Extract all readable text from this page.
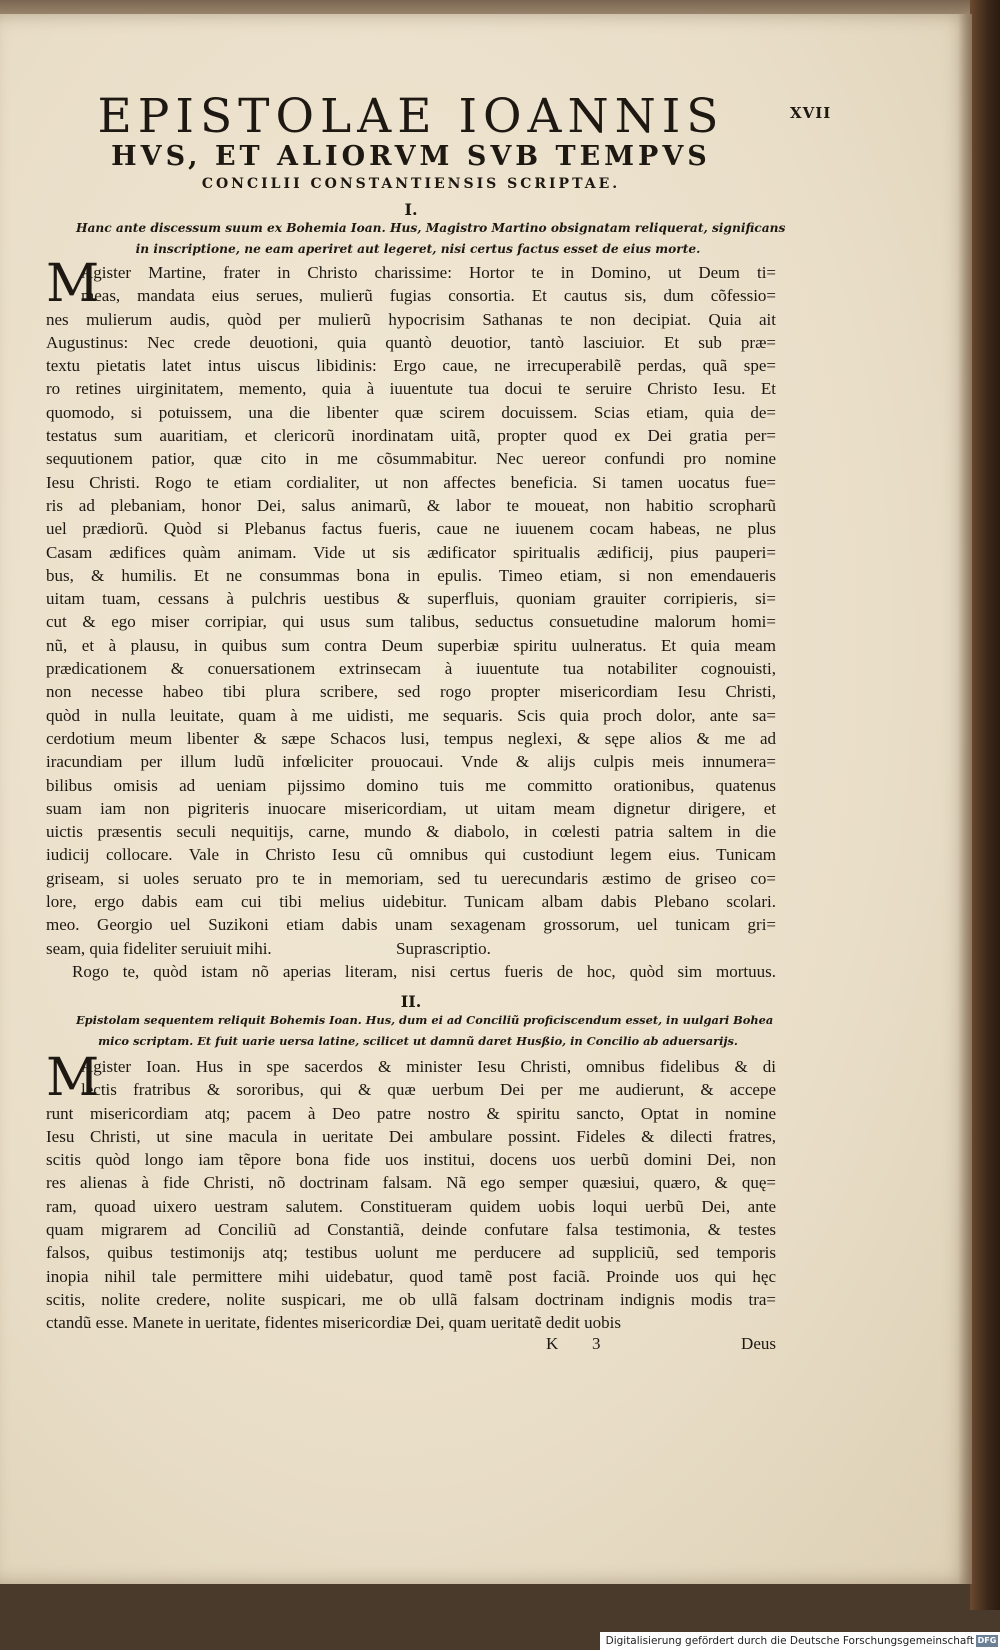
XVII
EPISTOLAE IOANNIS
HVS, ET ALIORVM SVB TEMPVS
CONCILII CONSTANTIENSIS SCRIPTAE.
I.
Hanc ante discessum suum ex Bohemia Ioan. Hus, Magistro Martino obsignatam reliquerat, significans
in inscriptione, ne eam aperiret aut legeret, nisi certus factus esset de eius morte.
M
Agister Martine, frater in Christo charissime: Hortor te in Domino, ut Deum ti=
meas, mandata eius serues, mulierũ fugias consortia. Et cautus sis, dum cõfessio=
nes mulierum audis, quòd per mulierũ hypocrisim Sathanas te non decipiat. Quia ait
Augustinus: Nec crede deuotioni, quia quantò deuotior, tantò lasciuior. Et sub præ=
textu pietatis latet intus uiscus libidinis: Ergo caue, ne irrecuperabilẽ perdas, quã spe=
ro retines uirginitatem, memento, quia à iuuentute tua docui te seruire Christo Iesu. Et
quomodo, si potuissem, una die libenter quæ scirem docuissem. Scias etiam, quia de=
testatus sum auaritiam, et clericorũ inordinatam uitã, propter quod ex Dei gratia per=
sequutionem patior, quæ cito in me cõsummabitur. Nec uereor confundi pro nomine
Iesu Christi. Rogo te etiam cordialiter, ut non affectes beneficia. Si tamen uocatus fue=
ris ad plebaniam, honor Dei, salus animarũ, & labor te moueat, non habitio scropharũ
uel prædiorũ. Quòd si Plebanus factus fueris, caue ne iuuenem cocam habeas, ne plus
Casam ædifices quàm animam. Vide ut sis ædificator spiritualis ædificij, pius pauperi=
bus, & humilis. Et ne consummas bona in epulis. Timeo etiam, si non emendaueris
uitam tuam, cessans à pulchris uestibus & superfluis, quoniam grauiter corripieris, si=
cut & ego miser corripiar, qui usus sum talibus, seductus consuetudine malorum homi=
nũ, et à plausu, in quibus sum contra Deum superbiæ spiritu uulneratus. Et quia meam
prædicationem & conuersationem extrinsecam à iuuentute tua notabiliter cognouisti,
non necesse habeo tibi plura scribere, sed rogo propter misericordiam Iesu Christi,
quòd in nulla leuitate, quam à me uidisti, me sequaris. Scis quia proch dolor, ante sa=
cerdotium meum libenter & sæpe Schacos lusi, tempus neglexi, & sępe alios & me ad
iracundiam per illum ludũ infœliciter prouocaui. Vnde & alijs culpis meis innumera=
bilibus omisis ad ueniam pijssimo domino tuis me committo orationibus, quatenus
suam iam non pigriteris inuocare misericordiam, ut uitam meam dignetur dirigere, et
uictis præsentis seculi nequitijs, carne, mundo & diabolo, in cœlesti patria saltem in die
iudicij collocare. Vale in Christo Iesu cũ omnibus qui custodiunt legem eius. Tunicam
griseam, si uoles seruato pro te in memoriam, sed tu uerecundaris æstimo de griseo co=
lore, ergo dabis eam cui tibi melius uidebitur. Tunicam albam dabis Plebano scolari.
meo. Georgio uel Suzikoni etiam dabis unam sexagenam grossorum, uel tunicam gri=
seam, quia fideliter seruiuit mihi.	Suprascriptio.
Rogo te, quòd istam nõ aperias literam, nisi certus fueris de hoc, quòd sim mortuus.
II.
Epistolam sequentem reliquit Bohemis Ioan. Hus, dum ei ad Conciliũ proficiscendum esset, in uulgari Bohea
mico scriptam. Et fuit uarie uersa latine, scilicet ut damnũ daret Husßio, in Concilio ab aduersarijs.
M
Agister Ioan. Hus in spe sacerdos & minister Iesu Christi, omnibus fidelibus & di
lectis fratribus & sororibus, qui & quæ uerbum Dei per me audierunt, & accepe
runt misericordiam atq; pacem à Deo patre nostro & spiritu sancto, Optat in nomine
Iesu Christi, ut sine macula in ueritate Dei ambulare possint. Fideles & dilecti fratres,
scitis quòd longo iam tẽpore bona fide uos institui, docens uos uerbũ domini Dei, non
res alienas à fide Christi, nõ doctrinam falsam. Nã ego semper quæsiui, quæro, & quę=
ram, quoad uixero uestram salutem. Constitueram quidem uobis loqui uerbũ Dei, ante
quam migrarem ad Conciliũ ad Constantiã, deinde confutare falsa testimonia, & testes
falsos, quibus testimonijs atq; testibus uolunt me perducere ad suppliciũ, sed temporis
inopia nihil tale permittere mihi uidebatur, quod tamẽ post faciã. Proinde uos qui hęc
scitis, nolite credere, nolite suspicari, me ob ullã falsam doctrinam indignis modis tra=
ctandũ esse. Manete in ueritate, fidentes misericordiæ Dei, quam ueritatẽ dedit uobis
K 3	Deus
Digitalisierung gefördert durch die Deutsche Forschungsgemeinschaft DFG
